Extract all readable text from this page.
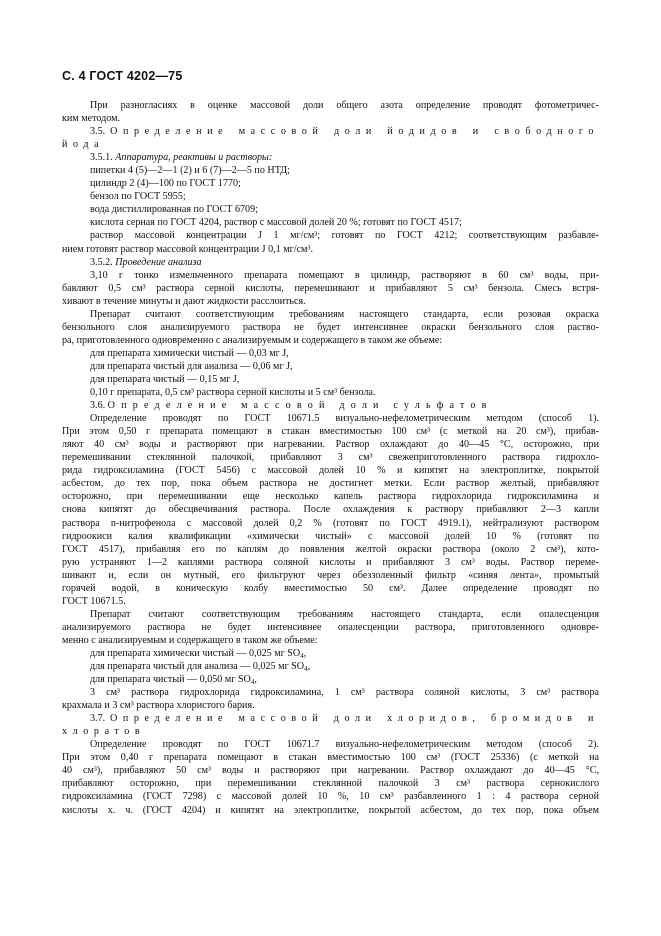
С. 4 ГОСТ 4202—75

При разногласиях в оценке массовой доли общего азота определение проводят фотометричес-

ким методом.

3.5. Определение массовой доли йодидов и свободного

йода

3.5.1. Аппаратура, реактивы и растворы:

пипетки 4 (5)—2—1 (2) и 6 (7)—2—5 по НТД;

цилиндр 2 (4)—100 по ГОСТ 1770;

бензол по ГОСТ 5955;

вода дистиллированная по ГОСТ 6709;

кислота серная по ГОСТ 4204, раствор с массовой долей 20 %; готовят по ГОСТ 4517;

раствор массовой концентрации J 1 мг/см³; готовят по ГОСТ 4212; соответствующим разбавле-

нием готовят раствор массовой концентрации J 0,1 мг/см³.

3.5.2. Проведение анализа

3,10 г тонко измельченного препарата помещают в цилиндр, растворяют в 60 см³ воды, при-

бавляют 0,5 см³ раствора серной кислоты, перемешивают и прибавляют 5 см³ бензола. Смесь встря-

хивают в течение минуты и дают жидкости расслоиться.

Препарат считают соответствующим требованиям настоящего стандарта, если розовая окраска

бензольного слоя анализируемого раствора не будет интенсивнее окраски бензольного слоя раство-

ра, приготовленного одновременно с анализируемым и содержащего в таком же объеме:

для препарата химически чистый — 0,03 мг J,

для препарата чистый для анализа — 0,06 мг J,

для препарата чистый — 0,15 мг J,

0,10 г препарата, 0,5 см³ раствора серной кислоты и 5 см³ бензола.

3.6. Определение массовой доли сульфатов

Определение проводят по ГОСТ 10671.5 визуально-нефелометрическим методом (способ 1).

При этом 0,50 г препарата помещают в стакан вместимостью 100 см³ (с меткой на 20 см³), прибав-

ляют 40 см³ воды и растворяют при нагревании. Раствор охлаждают до 40—45 °С, осторожно, при

перемешивании стеклянной палочкой, прибавляют 3 см³ свежеприготовленного раствора гидрохло-

рида гидроксиламина (ГОСТ 5456) с массовой долей 10 % и кипятят на электроплитке, покрытой

асбестом, до тех пор, пока объем раствора не достигнет метки. Если раствор желтый, прибавляют

осторожно, при перемешивании еще несколько капель раствора гидрохлорида гидроксиламина и

снова кипятят до обесцвечивания раствора. После охлаждения к раствору прибавляют 2—3 капли

раствора n-нитрофенола с массовой долей 0,2 % (готовят по ГОСТ 4919.1), нейтрализуют раствором

гидроокиси калия квалификации «химически чистый» с массовой долей 10 % (готовят по

ГОСТ 4517), прибавляя его по каплям до появления желтой окраски раствора (около 2 см³), кото-

рую устраняют 1—2 каплями раствора соляной кислоты и прибавляют 3 см³ воды. Раствор переме-

шивают и, если он мутный, его фильтруют через обеззоленный фильтр «синяя лента», промытый

горячей водой, в коническую колбу вместимостью 50 см³. Далее определение проводят по

ГОСТ 10671.5.

Препарат считают соответствующим требованиям настоящего стандарта, если опалесценция

анализируемого раствора не будет интенсивнее опалесценции раствора, приготовленного одновре-

менно с анализируемым и содержащего в таком же объеме:

для препарата химически чистый — 0,025 мг $SO_4$,

для препарата чистый для анализа — 0,025 мг $SO_4$,

для препарата чистый — 0,050 мг $SO_4$,

3 см³ раствора гидрохлорида гидроксиламина, 1 см³ раствора соляной кислоты, 3 см³ раствора

крахмала и 3 см³ раствора хлористого бария.

3.7. Определение массовой доли хлоридов, бромидов и

хлоратов

Определение проводят по ГОСТ 10671.7 визуально-нефелометрическим методом (способ 2).

При этом 0,40 г препарата помещают в стакан вместимостью 100 см³ (ГОСТ 25336) (с меткой на

40 см³), прибавляют 50 см³ воды и растворяют при нагревании. Раствор охлаждают до 40—45 °С,

прибавляют осторожно, при перемешивании стеклянной палочкой 3 см³ раствора сернокислого

гидроксиламина (ГОСТ 7298) с массовой долей 10 %, 10 см³ разбавленного 1 : 4 раствора серной

кислоты х. ч. (ГОСТ 4204) и кипятят на электроплитке, покрытой асбестом, до тех пор, пока объем
